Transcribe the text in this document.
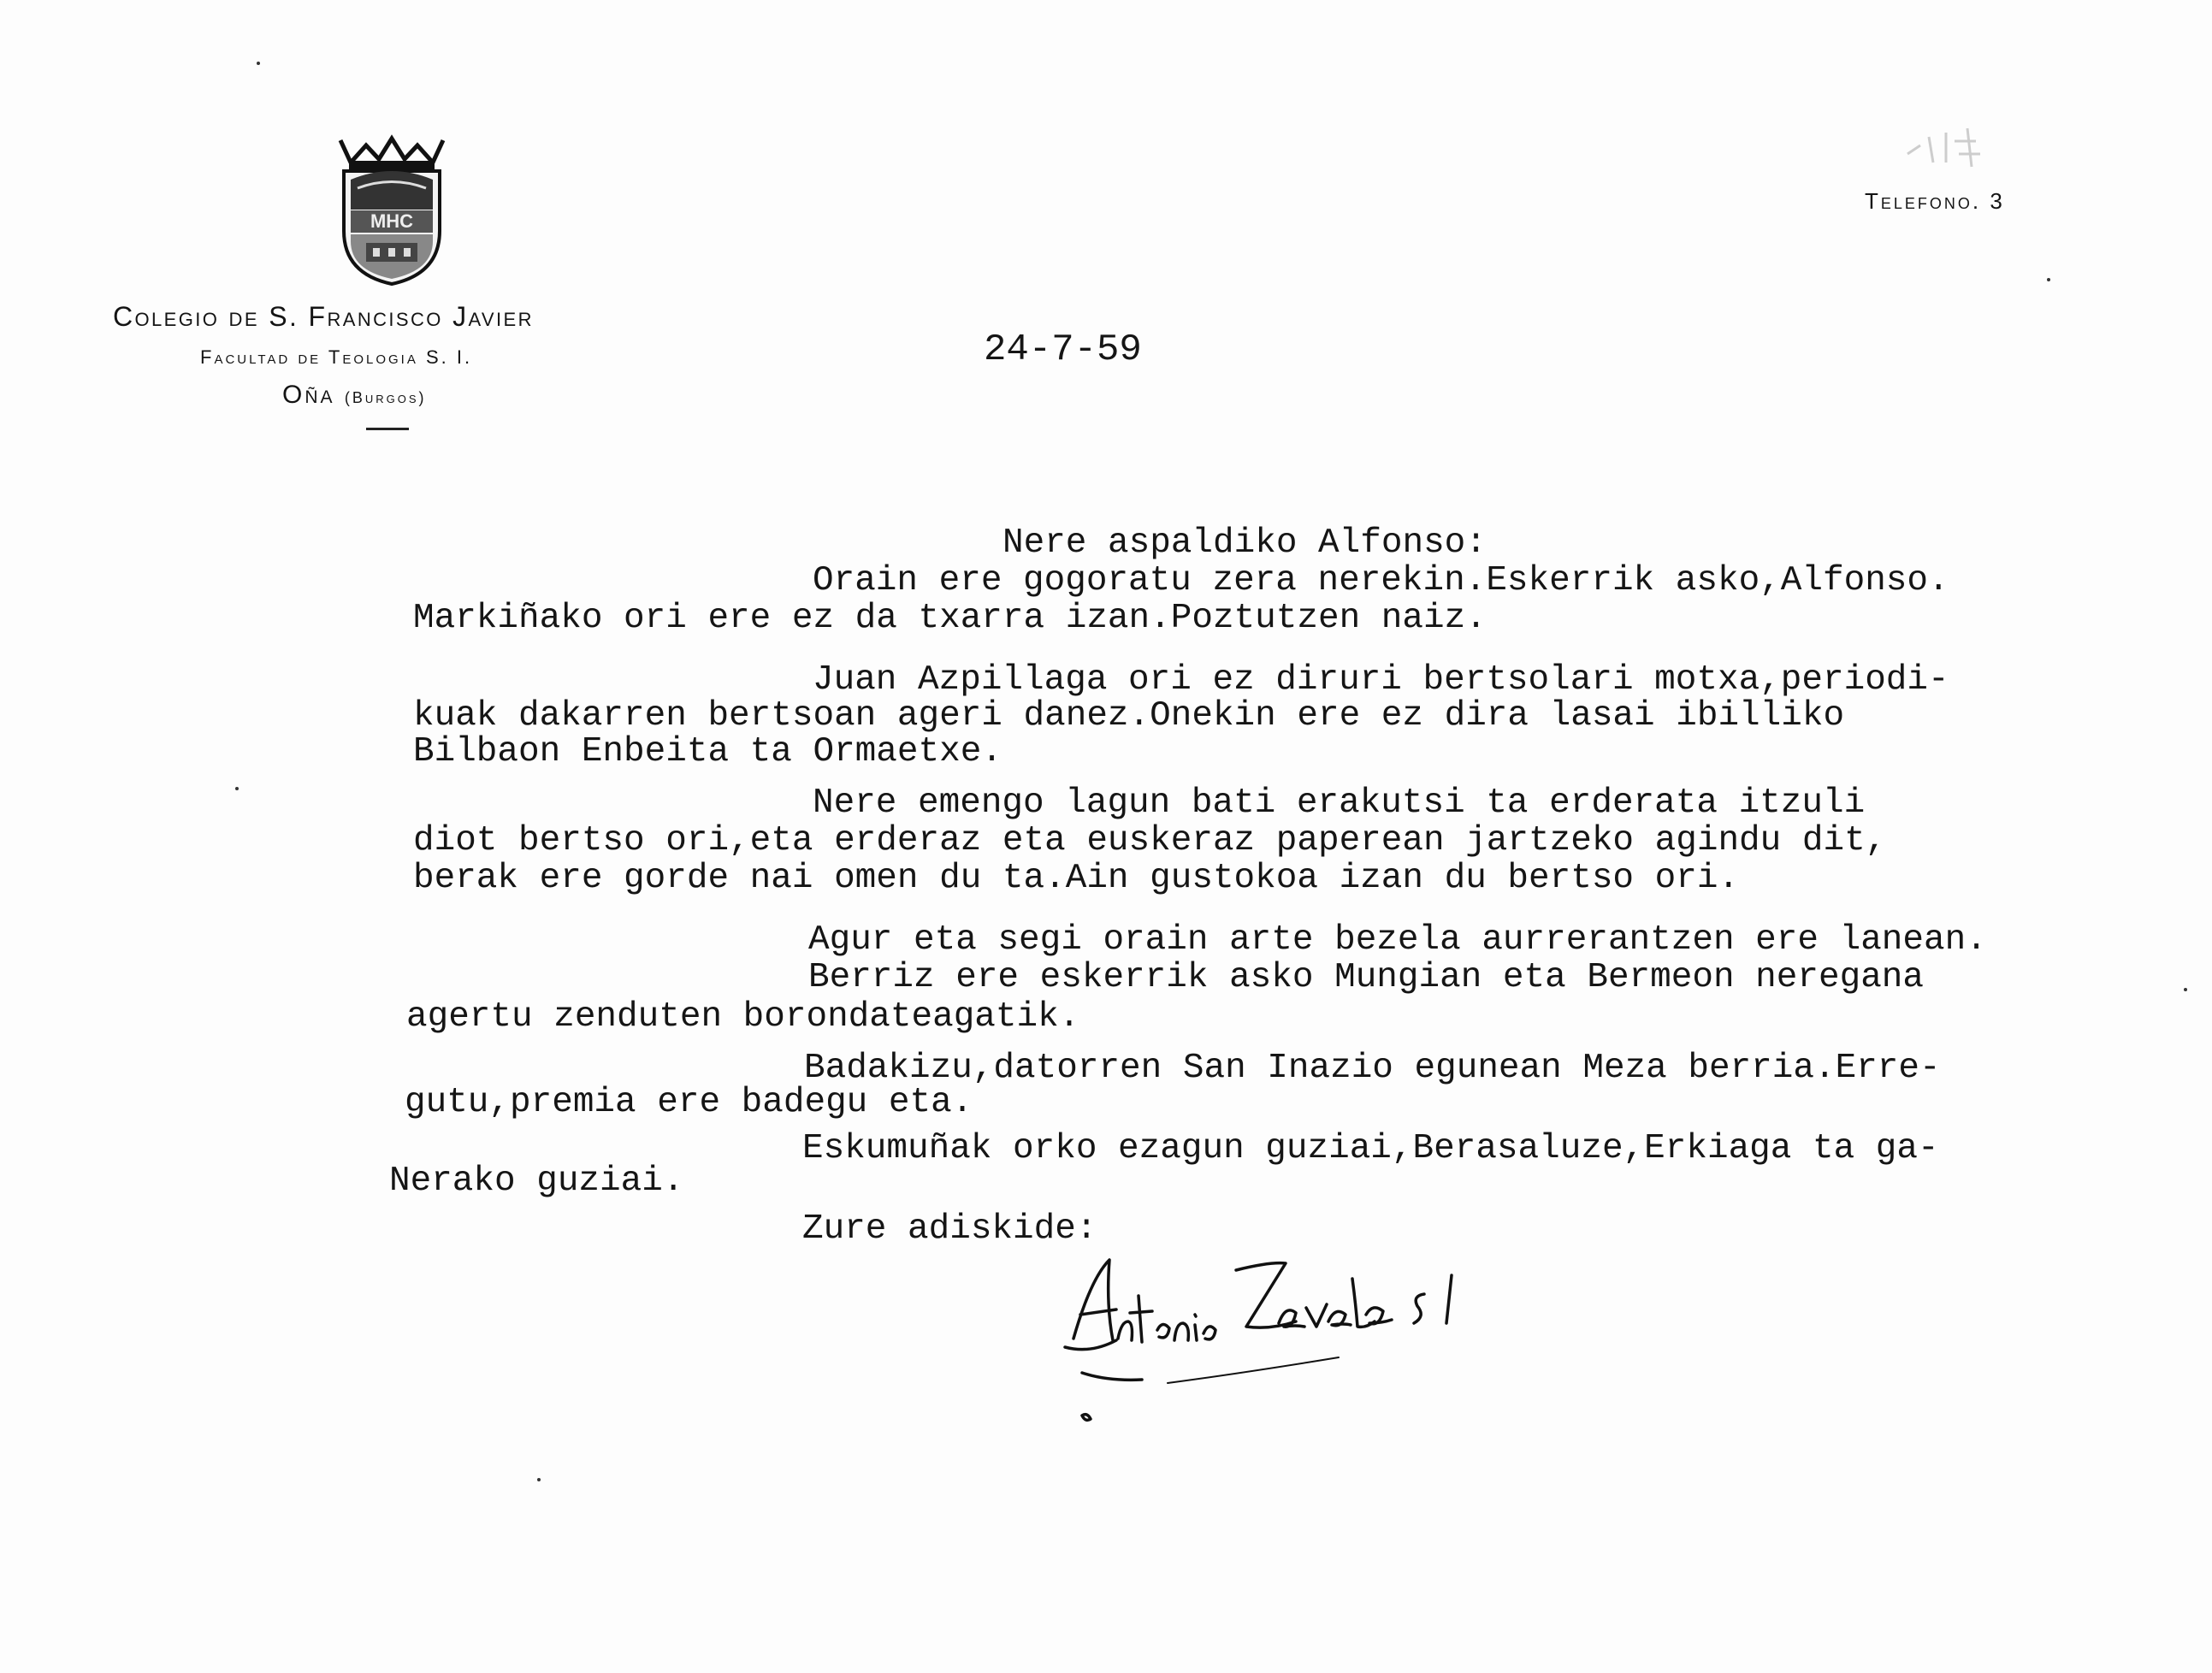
MHC
Colegio de S. Francisco Javier
Facultad de Teologia S. I.
Oña (Burgos)
Telefono. 3
24-7-59
Nere aspaldiko Alfonso:
Orain ere gogoratu zera nerekin.Eskerrik asko,Alfonso.
Markiñako ori ere ez da txarra izan.Poztutzen naiz.
Juan Azpillaga ori ez diruri bertsolari motxa,periodi-
kuak dakarren bertsoan ageri danez.Onekin ere ez dira lasai ibilliko
Bilbaon Enbeita ta Ormaetxe.
Nere emengo lagun bati erakutsi ta erderata itzuli
diot bertso ori,eta erderaz eta euskeraz paperean jartzeko agindu dit,
berak ere gorde nai omen du ta.Ain gustokoa izan du bertso ori.
Agur eta segi orain arte bezela aurrerantzen ere lanean.
Berriz ere eskerrik asko Mungian eta Bermeon neregana
agertu zenduten borondateagatik.
Badakizu,datorren San Inazio egunean Meza berria.Erre-
gutu,premia ere badegu eta.
Eskumuñak orko ezagun guziai,Berasaluze,Erkiaga ta ga-
Nerako guziai.
Zure adiskide:
